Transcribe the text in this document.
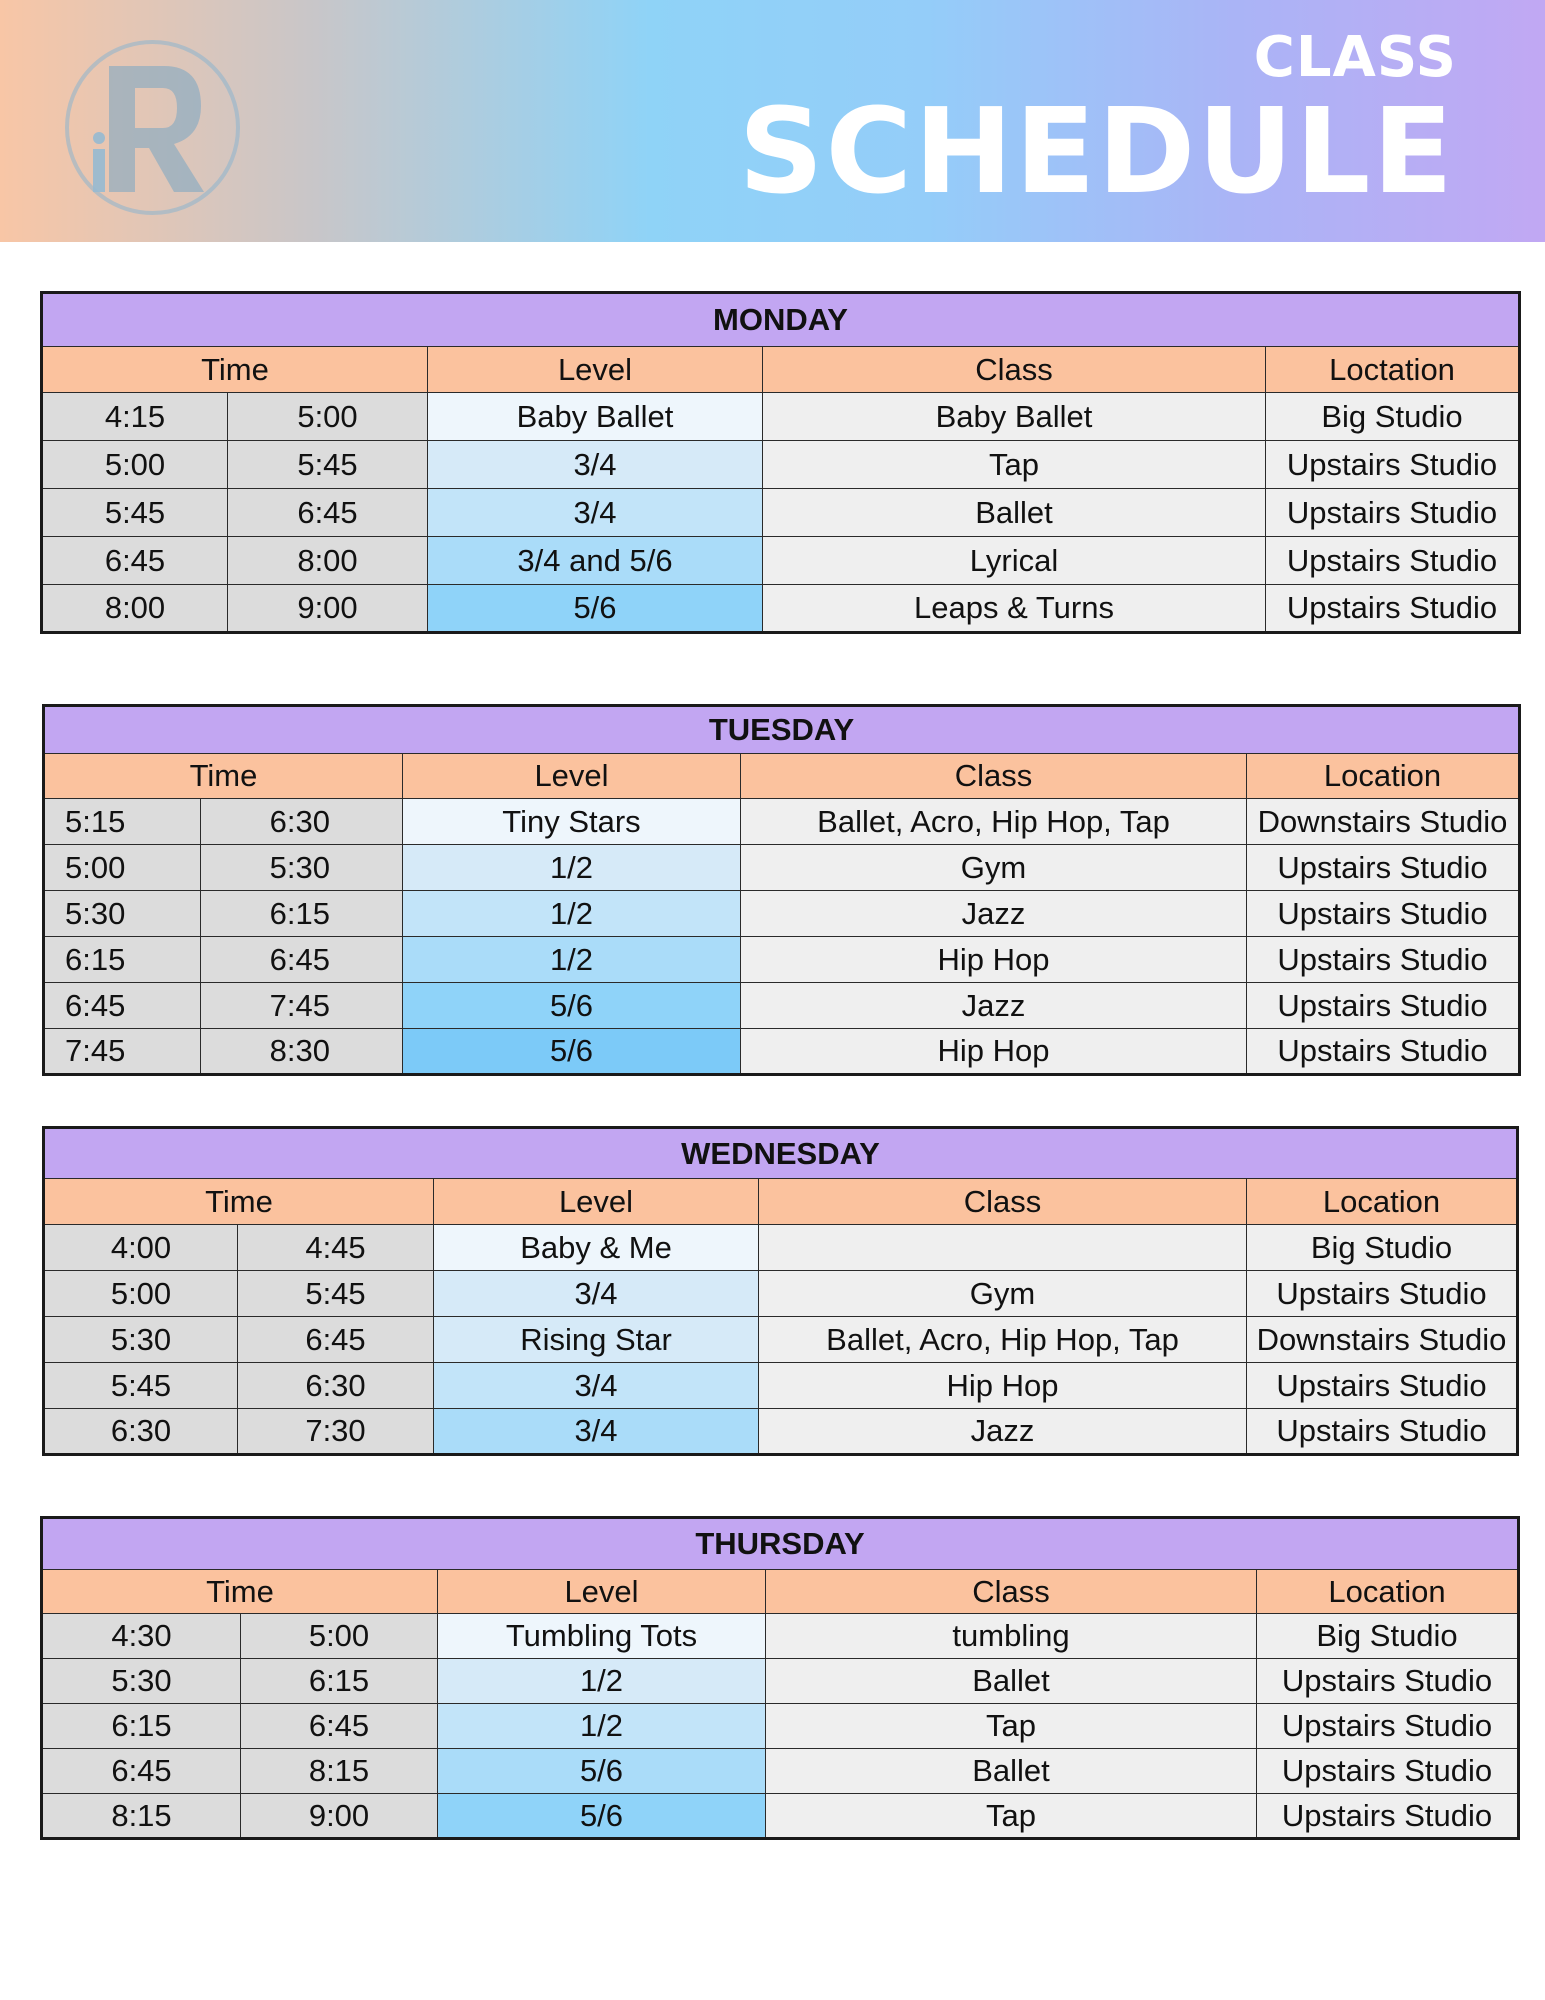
CLASS
SCHEDULE
MONDAY				
Time		Level	Class	Loctation
4:15	5:00	Baby Ballet	Baby Ballet	Big Studio
5:00	5:45	3/4	Tap	Upstairs Studio
5:45	6:45	3/4	Ballet	Upstairs Studio
6:45	8:00	3/4 and 5/6	Lyrical	Upstairs Studio
8:00	9:00	5/6	Leaps & Turns	Upstairs Studio
TUESDAY				
Time		Level	Class	Location
5:15	6:30	Tiny Stars	Ballet, Acro, Hip Hop, Tap	Downstairs Studio
5:00	5:30	1/2	Gym	Upstairs Studio
5:30	6:15	1/2	Jazz	Upstairs Studio
6:15	6:45	1/2	Hip Hop	Upstairs Studio
6:45	7:45	5/6	Jazz	Upstairs Studio
7:45	8:30	5/6	Hip Hop	Upstairs Studio
WEDNESDAY				
Time		Level	Class	Location
4:00	4:45	Baby & Me		Big Studio
5:00	5:45	3/4	Gym	Upstairs Studio
5:30	6:45	Rising Star	Ballet, Acro, Hip Hop, Tap	Downstairs Studio
5:45	6:30	3/4	Hip Hop	Upstairs Studio
6:30	7:30	3/4	Jazz	Upstairs Studio
THURSDAY				
Time		Level	Class	Location
4:30	5:00	Tumbling Tots	tumbling	Big Studio
5:30	6:15	1/2	Ballet	Upstairs Studio
6:15	6:45	1/2	Tap	Upstairs Studio
6:45	8:15	5/6	Ballet	Upstairs Studio
8:15	9:00	5/6	Tap	Upstairs Studio
